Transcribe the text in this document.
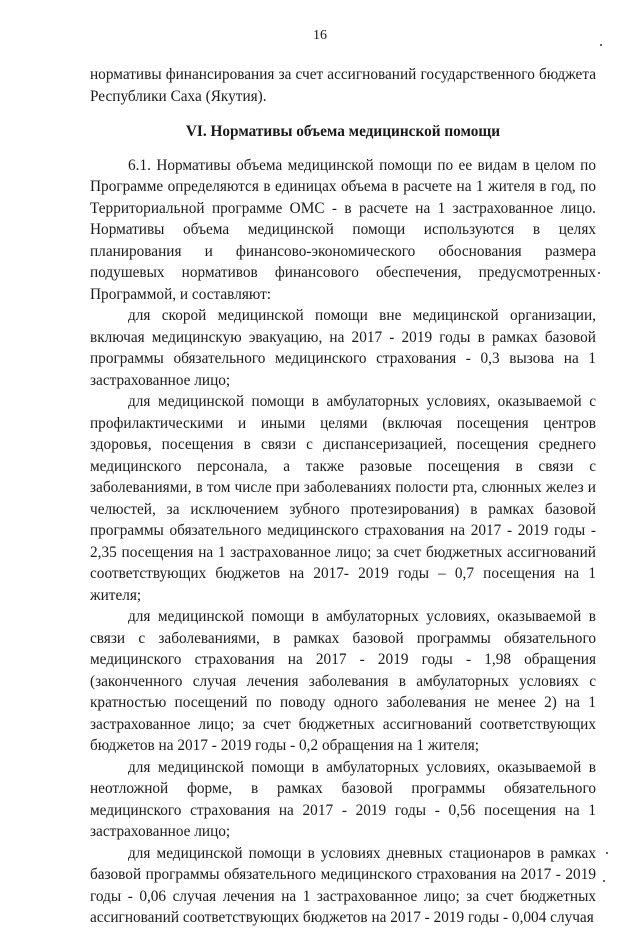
16

нормативы финансирования за счет ассигнований государственного бюджета Республики Саха (Якутия).

VI. Нормативы объема медицинской помощи

6.1. Нормативы объема медицинской помощи по ее видам в целом по Программе определяются в единицах объема в расчете на 1 жителя в год, по Территориальной программе ОМС - в расчете на 1 застрахованное лицо. Нормативы объема медицинской помощи используются в целях планирования и финансово-экономического обоснования размера подушевых нормативов финансового обеспечения, предусмотренных Программой, и составляют:

для скорой медицинской помощи вне медицинской организации, включая медицинскую эвакуацию, на 2017 - 2019 годы в рамках базовой программы обязательного медицинского страхования - 0,3 вызова на 1 застрахованное лицо;

для медицинской помощи в амбулаторных условиях, оказываемой с профилактическими и иными целями (включая посещения центров здоровья, посещения в связи с диспансеризацией, посещения среднего медицинского персонала, а также разовые посещения в связи с заболеваниями, в том числе при заболеваниях полости рта, слюнных желез и челюстей, за исключением зубного протезирования) в рамках базовой программы обязательного медицинского страхования на 2017 - 2019 годы - 2,35 посещения на 1 застрахованное лицо; за счет бюджетных ассигнований соответствующих бюджетов на 2017- 2019 годы – 0,7 посещения на 1 жителя;

для медицинской помощи в амбулаторных условиях, оказываемой в связи с заболеваниями, в рамках базовой программы обязательного медицинского страхования на 2017 - 2019 годы - 1,98 обращения (законченного случая лечения заболевания в амбулаторных условиях с кратностью посещений по поводу одного заболевания не менее 2) на 1 застрахованное лицо; за счет бюджетных ассигнований соответствующих бюджетов на 2017 - 2019 годы - 0,2 обращения на 1 жителя;

для медицинской помощи в амбулаторных условиях, оказываемой в неотложной форме, в рамках базовой программы обязательного медицинского страхования на 2017 - 2019 годы - 0,56 посещения на 1 застрахованное лицо;

для медицинской помощи в условиях дневных стационаров в рамках базовой программы обязательного медицинского страхования на 2017 - 2019 годы - 0,06 случая лечения на 1 застрахованное лицо; за счет бюджетных ассигнований соответствующих бюджетов на 2017 - 2019 годы - 0,004 случая
